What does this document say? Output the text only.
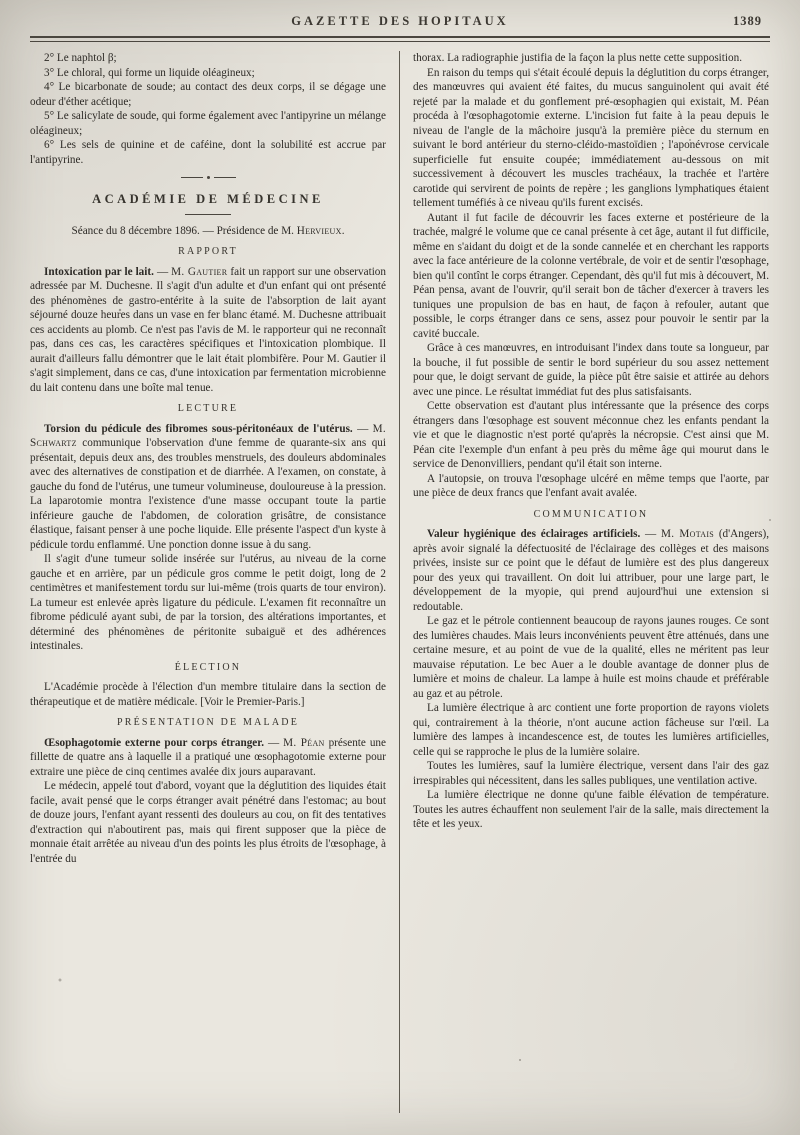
GAZETTE DES HOPITAUX	1389

2° Le naphtol β;

3° Le chloral, qui forme un liquide oléagineux;

4° Le bicarbonate de soude; au contact des deux corps, il se dégage une odeur d'éther acétique;

5° Le salicylate de soude, qui forme également avec l'antipyrine un mélange oléagineux;

6° Les sels de quinine et de caféine, dont la solubilité est accrue par l'antipyrine.

ACADÉMIE DE MÉDECINE

Séance du 8 décembre 1896. — Présidence de M. Hervieux.

RAPPORT

Intoxication par le lait. — M. Gautier fait un rapport sur une observation adressée par M. Duchesne. Il s'agit d'un adulte et d'un enfant qui ont présenté des phénomènes de gastro-entérite à la suite de l'absorption de lait ayant séjourné douze heures dans un vase en fer blanc étamé. M. Duchesne attribuait ces accidents au plomb. Ce n'est pas l'avis de M. le rapporteur qui ne reconnaît pas, dans ces cas, les caractères spécifiques et l'intoxication plombique. Il aurait d'ailleurs fallu démontrer que le lait était plombifère. Pour M. Gautier il s'agit simplement, dans ce cas, d'une intoxication par fermentation microbienne du lait contenu dans une boîte mal tenue.

LECTURE

Torsion du pédicule des fibromes sous-péritonéaux de l'utérus. — M. Schwartz communique l'observation d'une femme de quarante-six ans qui présentait, depuis deux ans, des troubles menstruels, des douleurs abdominales avec des alternatives de constipation et de diarrhée. A l'examen, on constate, à gauche du fond de l'utérus, une tumeur volumineuse, douloureuse à la pression. La laparotomie montra l'existence d'une masse occupant toute la partie inférieure gauche de l'abdomen, de coloration grisâtre, de consistance élastique, faisant penser à une poche liquide. Elle présente l'aspect d'un kyste à pédicule tordu enflammé. Une ponction donne issue à du sang.

Il s'agit d'une tumeur solide insérée sur l'utérus, au niveau de la corne gauche et en arrière, par un pédicule gros comme le petit doigt, long de 2 centimètres et manifestement tordu sur lui-même (trois quarts de tour environ). La tumeur est enlevée après ligature du pédicule. L'examen fit reconnaître un fibrome pédiculé ayant subi, de par la torsion, des altérations importantes, et déterminé des phénomènes de péritonite subaiguë et des adhérences intestinales.

ÉLECTION

L'Académie procède à l'élection d'un membre titulaire dans la section de thérapeutique et de matière médicale. [Voir le Premier-Paris.]

PRÉSENTATION DE MALADE

Œsophagotomie externe pour corps étranger. — M. Péan présente une fillette de quatre ans à laquelle il a pratiqué une œsophagotomie externe pour extraire une pièce de cinq centimes avalée dix jours auparavant.

Le médecin, appelé tout d'abord, voyant que la déglutition des liquides était facile, avait pensé que le corps étranger avait pénétré dans l'estomac; au bout de douze jours, l'enfant ayant ressenti des douleurs au cou, on fit des tentatives d'extraction qui n'aboutirent pas, mais qui firent supposer que la pièce de monnaie était arrêtée au niveau d'un des points les plus étroits de l'œsophage, à l'entrée du

thorax. La radiographie justifia de la façon la plus nette cette supposition.

En raison du temps qui s'était écoulé depuis la déglutition du corps étranger, des manœuvres qui avaient été faites, du mucus sanguinolent qui avait été rejeté par la malade et du gonflement pré-œsophagien qui existait, M. Péan procéda à l'œsophagotomie externe. L'incision fut faite à la peau depuis le niveau de l'angle de la mâchoire jusqu'à la première pièce du sternum en suivant le bord antérieur du sterno-cléido-mastoïdien ; l'aponévrose cervicale superficielle fut ensuite coupée; immédiatement au-dessous on mit successivement à découvert les muscles trachéaux, la trachée et l'artère carotide qui servirent de points de repère ; les ganglions lymphatiques étaient tellement tuméfiés à ce niveau qu'ils furent excisés.

Autant il fut facile de découvrir les faces externe et postérieure de la trachée, malgré le volume que ce canal présente à cet âge, autant il fut difficile, même en s'aidant du doigt et de la sonde cannelée et en cherchant les rapports avec la face antérieure de la colonne vertébrale, de voir et de sentir l'œsophage, bien qu'il contînt le corps étranger. Cependant, dès qu'il fut mis à découvert, M. Péan pensa, avant de l'ouvrir, qu'il serait bon de tâcher d'exercer à travers les tuniques une propulsion de bas en haut, de façon à refouler, autant que possible, le corps étranger dans ce sens, assez pour pouvoir le sentir par la cavité buccale.

Grâce à ces manœuvres, en introduisant l'index dans toute sa longueur, par la bouche, il fut possible de sentir le bord supérieur du sou assez nettement pour que, le doigt servant de guide, la pièce pût être saisie et attirée au dehors avec une pince. Le résultat immédiat fut des plus satisfaisants.

Cette observation est d'autant plus intéressante que la présence des corps étrangers dans l'œsophage est souvent méconnue chez les enfants pendant la vie et que le diagnostic n'est porté qu'après la nécropsie. C'est ainsi que M. Péan cite l'exemple d'un enfant à peu près du même âge qui mourut dans le service de Denonvilliers, pendant qu'il était son interne.

A l'autopsie, on trouva l'œsophage ulcéré en même temps que l'aorte, par une pièce de deux francs que l'enfant avait avalée.

COMMUNICATION

Valeur hygiénique des éclairages artificiels. — M. Motais (d'Angers), après avoir signalé la défectuosité de l'éclairage des collèges et des maisons privées, insiste sur ce point que le défaut de lumière est des plus dangereux pour des yeux qui travaillent. On doit lui attribuer, pour une large part, le développement de la myopie, qui prend aujourd'hui une extension si redoutable.

Le gaz et le pétrole contiennent beaucoup de rayons jaunes rouges. Ce sont des lumières chaudes. Mais leurs inconvénients peuvent être atténués, dans une certaine mesure, et au point de vue de la qualité, elles ne méritent pas leur mauvaise réputation. Le bec Auer a le double avantage de donner plus de lumière et moins de chaleur. La lampe à huile est moins chaude et préférable au gaz et au pétrole.

La lumière électrique à arc contient une forte proportion de rayons violets qui, contrairement à la théorie, n'ont aucune action fâcheuse sur l'œil. La lumière des lampes à incandescence est, de toutes les lumières artificielles, celle qui se rapproche le plus de la lumière solaire.

Toutes les lumières, sauf la lumière électrique, versent dans l'air des gaz irrespirables qui nécessitent, dans les salles publiques, une ventilation active.

La lumière électrique ne donne qu'une faible élévation de température. Toutes les autres échauffent non seulement l'air de la salle, mais directement la tête et les yeux.
